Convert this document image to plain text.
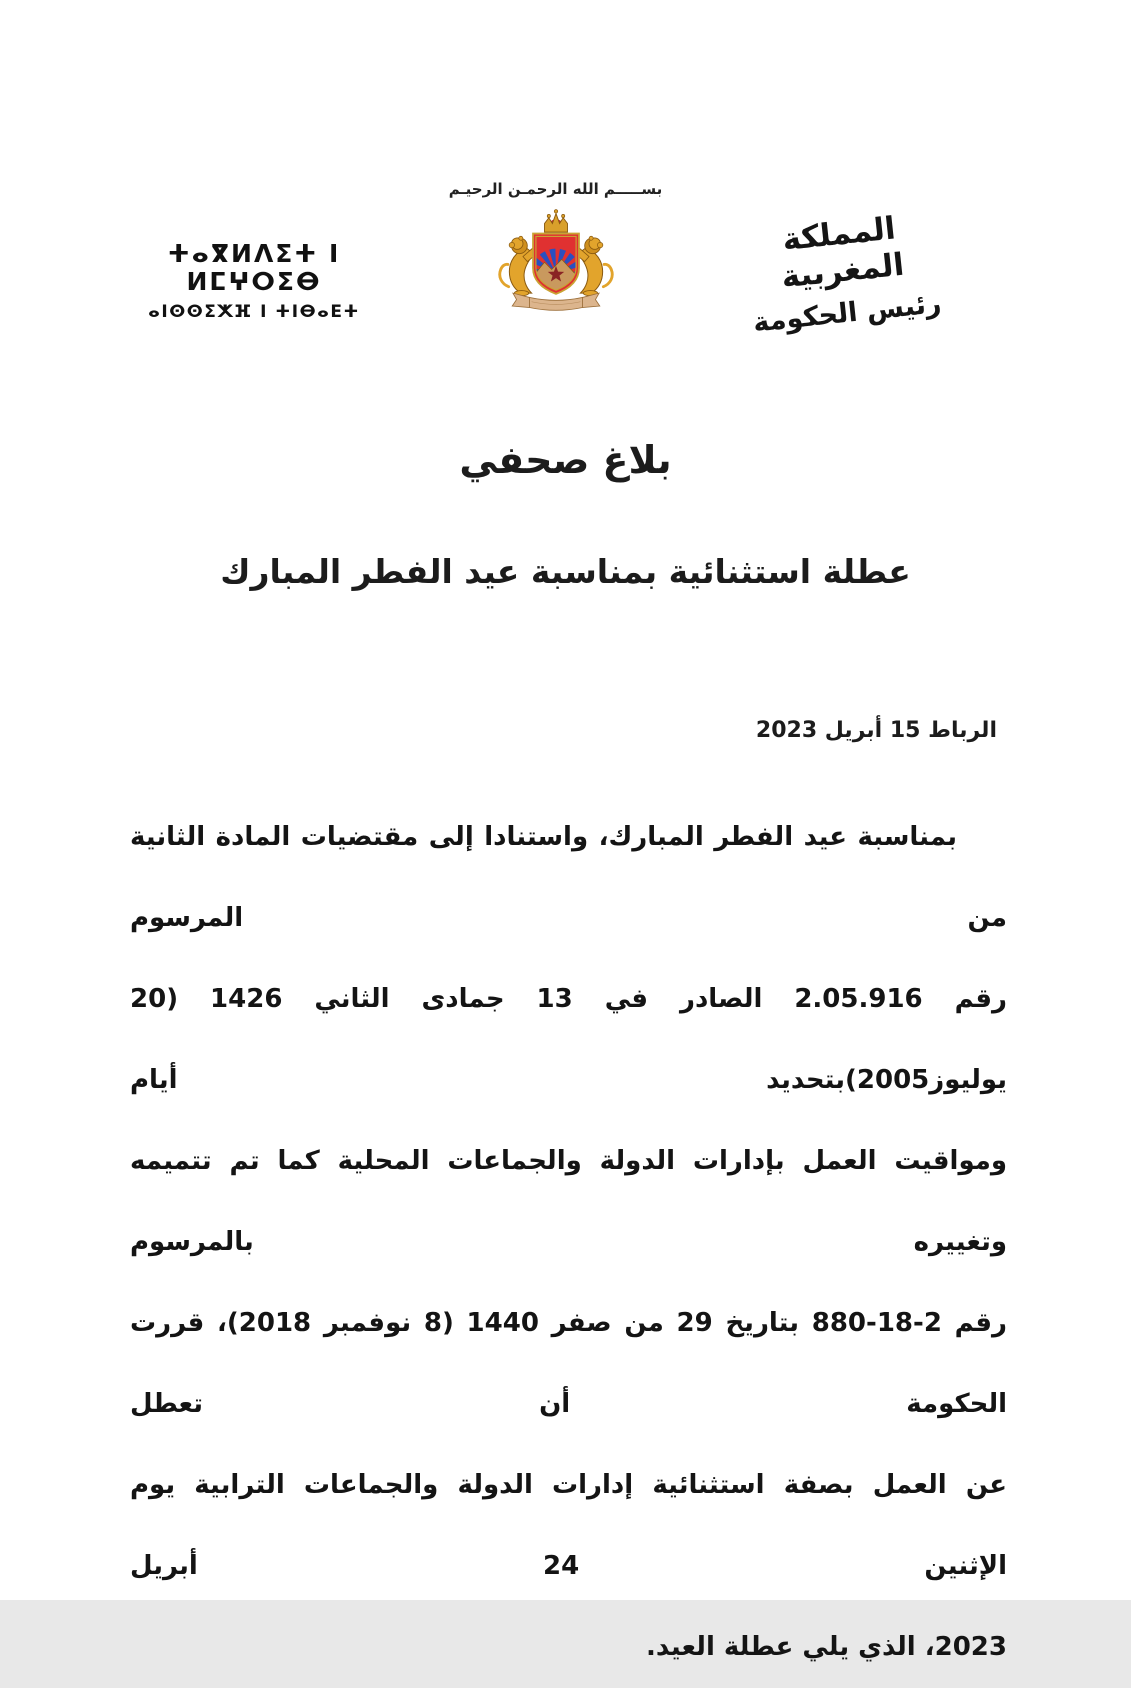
ⵜⴰⴳⵍⴷⵉⵜ ⵏ ⵍⵎⵖⵔⵉⴱ
ⴰⵏⵙⵙⵉⵅⴼ ⵏ ⵜⵏⴱⴰⴹⵜ
بســـــم الله الرحمـن الرحيـم
المملكة المغربية
رئيس الحكومة
بلاغ صحفي
عطلة استثنائية بمناسبة عيد الفطر المبارك
الرباط 15 أبريل 2023
بمناسبة عيد الفطر المبارك، واستنادا إلى مقتضيات المادة الثانية من المرسوم
رقم 2.05.916 الصادر في 13 جمادى الثاني 1426 (20 يوليوز2005)بتحديد أيام
ومواقيت العمل بإدارات الدولة والجماعات المحلية كما تم تتميمه وتغييره بالمرسوم
رقم 2-18-880 بتاريخ 29 من صفر 1440 (8 نوفمبر 2018)، قررت الحكومة أن تعطل
عن العمل بصفة استثنائية إدارات الدولة والجماعات الترابية يوم الإثنين 24 أبريل
2023، الذي يلي عطلة العيد.
